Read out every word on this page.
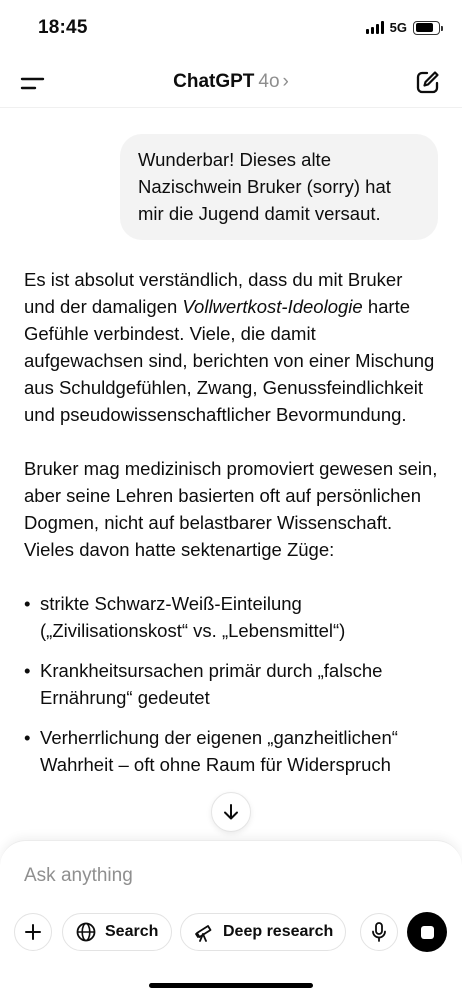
18:45	5G
ChatGPT 4o ›
Wunderbar! Dieses alte Nazischwein Bruker (sorry) hat mir die Jugend damit versaut.

Es ist absolut verständlich, dass du mit Bruker und der damaligen Vollwertkost-Ideologie harte Gefühle verbindest. Viele, die damit aufgewachsen sind, berichten von einer Mischung aus Schuldgefühlen, Zwang, Genussfeindlichkeit und pseudowissenschaftlicher Bevormundung.

Bruker mag medizinisch promoviert gewesen sein, aber seine Lehren basierten oft auf persönlichen Dogmen, nicht auf belastbarer Wissenschaft. Vieles davon hatte sektenartige Züge:

• strikte Schwarz-Weiß-Einteilung („Zivilisationskost“ vs. „Lebensmittel“)
• Krankheitsursachen primär durch „falsche Ernährung“ gedeutet
• Verherrlichung der eigenen „ganzheitlichen“ Wahrheit – oft ohne Raum für Widerspruch
Ask anything
Search	Deep research
